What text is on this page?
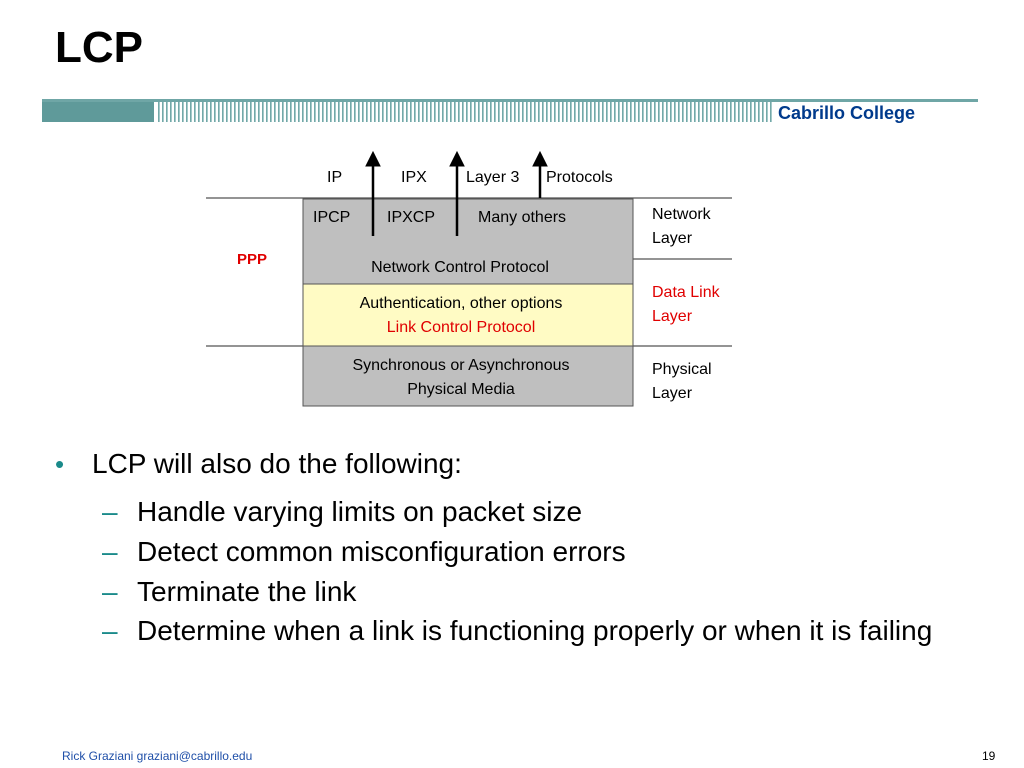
LCP
Cabrillo College
IP	IPX Layer 3 Protocols
IPCP IPXCP	Many others
Network Control Protocol
PPP
Authentication, other options
Link Control Protocol
Synchronous or Asynchronous
Physical Media
Network
Layer
Data Link
Layer
Physical
Layer
• LCP will also do the following:
– Handle varying limits on packet size
– Detect common misconfiguration errors
– Terminate the link
– Determine when a link is functioning properly or when it is failing
Rick Graziani graziani@cabrillo.edu	19
